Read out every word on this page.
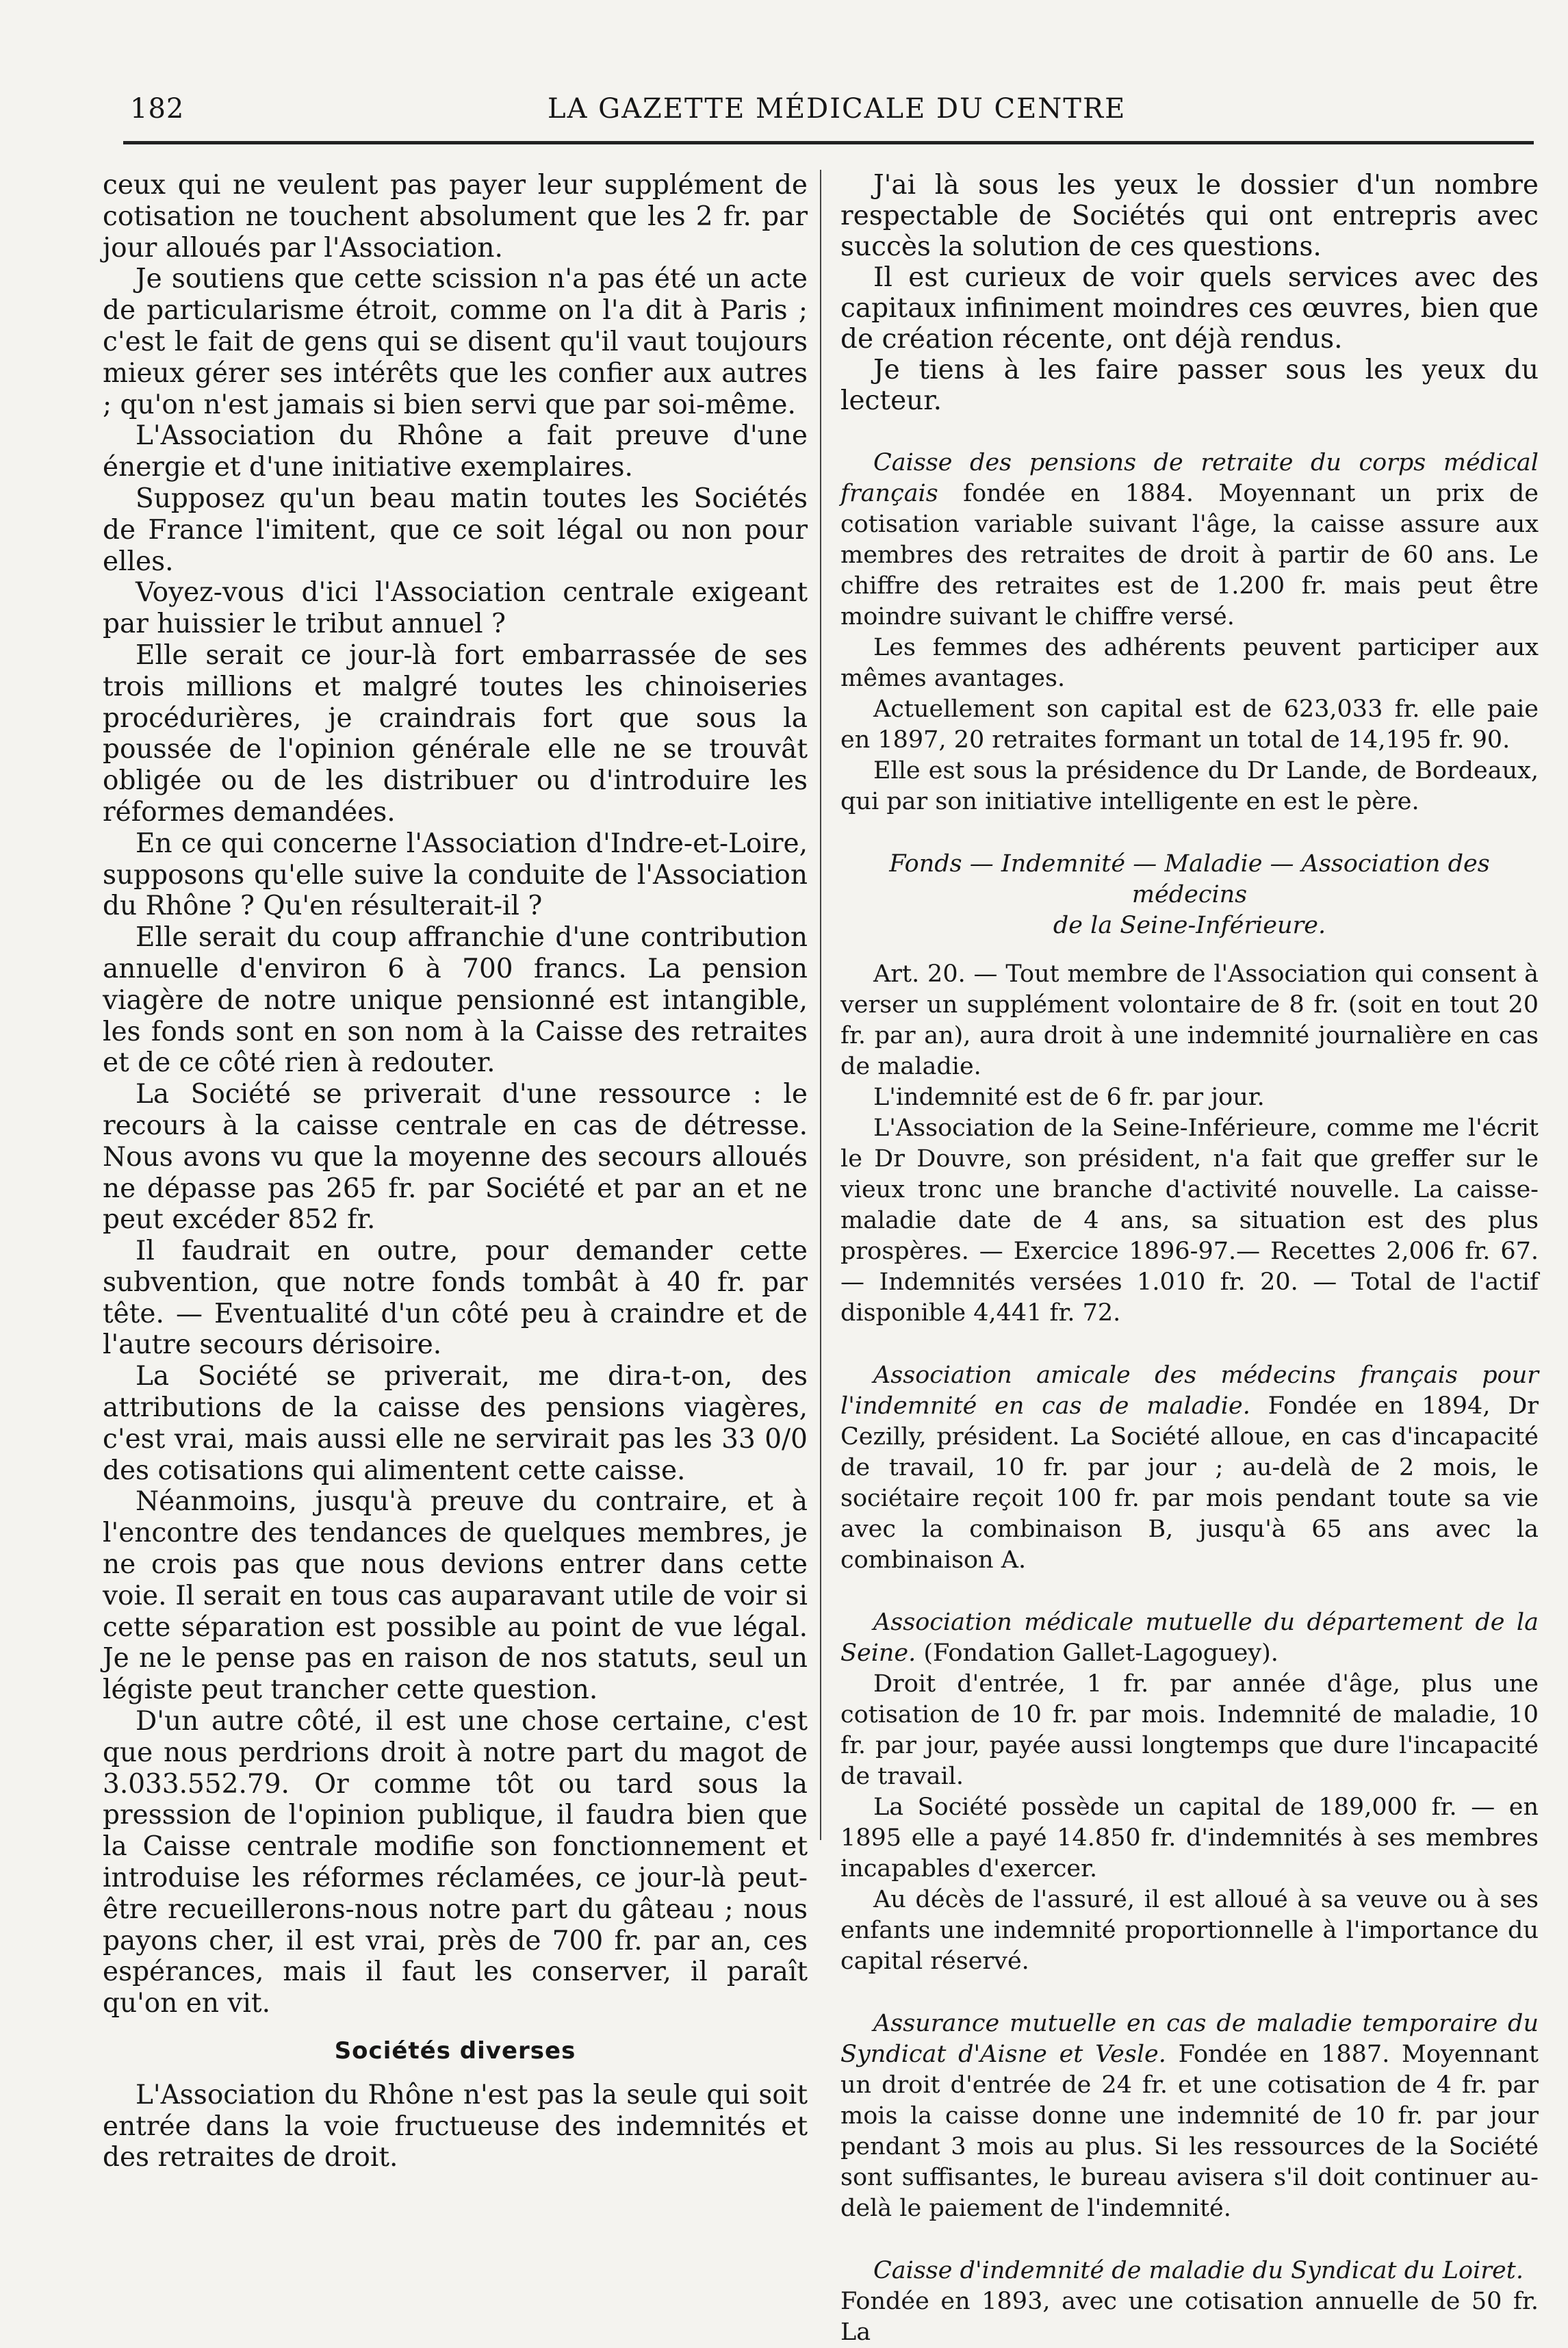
182	LA GAZETTE MÉDICALE DU CENTRE

ceux qui ne veulent pas payer leur supplément de cotisation ne touchent absolument que les 2 fr. par jour alloués par l'Association.

Je soutiens que cette scission n'a pas été un acte de particularisme étroit, comme on l'a dit à Paris ; c'est le fait de gens qui se disent qu'il vaut toujours mieux gérer ses intérêts que les confier aux autres ; qu'on n'est jamais si bien servi que par soi-même.

L'Association du Rhône a fait preuve d'une énergie et d'une initiative exemplaires.

Supposez qu'un beau matin toutes les Sociétés de France l'imitent, que ce soit légal ou non pour elles.

Voyez-vous d'ici l'Association centrale exigeant par huissier le tribut annuel ?

Elle serait ce jour-là fort embarrassée de ses trois millions et malgré toutes les chinoiseries procédurières, je craindrais fort que sous la poussée de l'opinion générale elle ne se trouvât obligée ou de les distribuer ou d'introduire les réformes demandées.

En ce qui concerne l'Association d'Indre-et-Loire, supposons qu'elle suive la conduite de l'Association du Rhône ? Qu'en résulterait-il ?

Elle serait du coup affranchie d'une contribution annuelle d'environ 6 à 700 francs. La pension viagère de notre unique pensionné est intangible, les fonds sont en son nom à la Caisse des retraites et de ce côté rien à redouter.

La Société se priverait d'une ressource : le recours à la caisse centrale en cas de détresse. Nous avons vu que la moyenne des secours alloués ne dépasse pas 265 fr. par Société et par an et ne peut excéder 852 fr.

Il faudrait en outre, pour demander cette subvention, que notre fonds tombât à 40 fr. par tête. — Eventualité d'un côté peu à craindre et de l'autre secours dérisoire.

La Société se priverait, me dira-t-on, des attributions de la caisse des pensions viagères, c'est vrai, mais aussi elle ne servirait pas les 33 0/0 des cotisations qui alimentent cette caisse.

Néanmoins, jusqu'à preuve du contraire, et à l'encontre des tendances de quelques membres, je ne crois pas que nous devions entrer dans cette voie. Il serait en tous cas auparavant utile de voir si cette séparation est possible au point de vue légal. Je ne le pense pas en raison de nos statuts, seul un légiste peut trancher cette question.

D'un autre côté, il est une chose certaine, c'est que nous perdrions droit à notre part du magot de 3.033.552.79. Or comme tôt ou tard sous la presssion de l'opinion publique, il faudra bien que la Caisse centrale modifie son fonctionnement et introduise les réformes réclamées, ce jour-là peut-être recueillerons-nous notre part du gâteau ; nous payons cher, il est vrai, près de 700 fr. par an, ces espérances, mais il faut les conserver, il paraît qu'on en vit.

Sociétés diverses

L'Association du Rhône n'est pas la seule qui soit entrée dans la voie fructueuse des indemnités et des retraites de droit.

J'ai là sous les yeux le dossier d'un nombre respectable de Sociétés qui ont entrepris avec succès la solution de ces questions.

Il est curieux de voir quels services avec des capitaux infiniment moindres ces œuvres, bien que de création récente, ont déjà rendus.

Je tiens à les faire passer sous les yeux du lecteur.

Caisse des pensions de retraite du corps médical français fondée en 1884. Moyennant un prix de cotisation variable suivant l'âge, la caisse assure aux membres des retraites de droit à partir de 60 ans. Le chiffre des retraites est de 1.200 fr. mais peut être moindre suivant le chiffre versé.

Les femmes des adhérents peuvent participer aux mêmes avantages.

Actuellement son capital est de 623,033 fr. elle paie en 1897, 20 retraites formant un total de 14,195 fr. 90.

Elle est sous la présidence du Dr Lande, de Bordeaux, qui par son initiative intelligente en est le père.

Fonds — Indemnité — Maladie — Association des médecins

de la Seine-Inférieure.

Art. 20. — Tout membre de l'Association qui consent à verser un supplément volontaire de 8 fr. (soit en tout 20 fr. par an), aura droit à une indemnité journalière en cas de maladie.

L'indemnité est de 6 fr. par jour.

L'Association de la Seine-Inférieure, comme me l'écrit le Dr Douvre, son président, n'a fait que greffer sur le vieux tronc une branche d'activité nouvelle. La caisse-maladie date de 4 ans, sa situation est des plus prospères. — Exercice 1896-97.— Recettes 2,006 fr. 67.— Indemnités versées 1.010 fr. 20. — Total de l'actif disponible 4,441 fr. 72.

Association amicale des médecins français pour l'indemnité en cas de maladie. Fondée en 1894, Dr Cezilly, président. La Société alloue, en cas d'incapacité de travail, 10 fr. par jour ; au-delà de 2 mois, le sociétaire reçoit 100 fr. par mois pendant toute sa vie avec la combinaison B, jusqu'à 65 ans avec la combinaison A.

Association médicale mutuelle du département de la Seine. (Fondation Gallet-Lagoguey).

Droit d'entrée, 1 fr. par année d'âge, plus une cotisation de 10 fr. par mois. Indemnité de maladie, 10 fr. par jour, payée aussi longtemps que dure l'incapacité de travail.

La Société possède un capital de 189,000 fr. — en 1895 elle a payé 14.850 fr. d'indemnités à ses membres incapables d'exercer.

Au décès de l'assuré, il est alloué à sa veuve ou à ses enfants une indemnité proportionnelle à l'importance du capital réservé.

Assurance mutuelle en cas de maladie temporaire du Syndicat d'Aisne et Vesle. Fondée en 1887. Moyennant un droit d'entrée de 24 fr. et une cotisation de 4 fr. par mois la caisse donne une indemnité de 10 fr. par jour pendant 3 mois au plus. Si les ressources de la Société sont suffisantes, le bureau avisera s'il doit continuer au-delà le paiement de l'indemnité.

Caisse d'indemnité de maladie du Syndicat du Loiret.

Fondée en 1893, avec une cotisation annuelle de 50 fr. La
